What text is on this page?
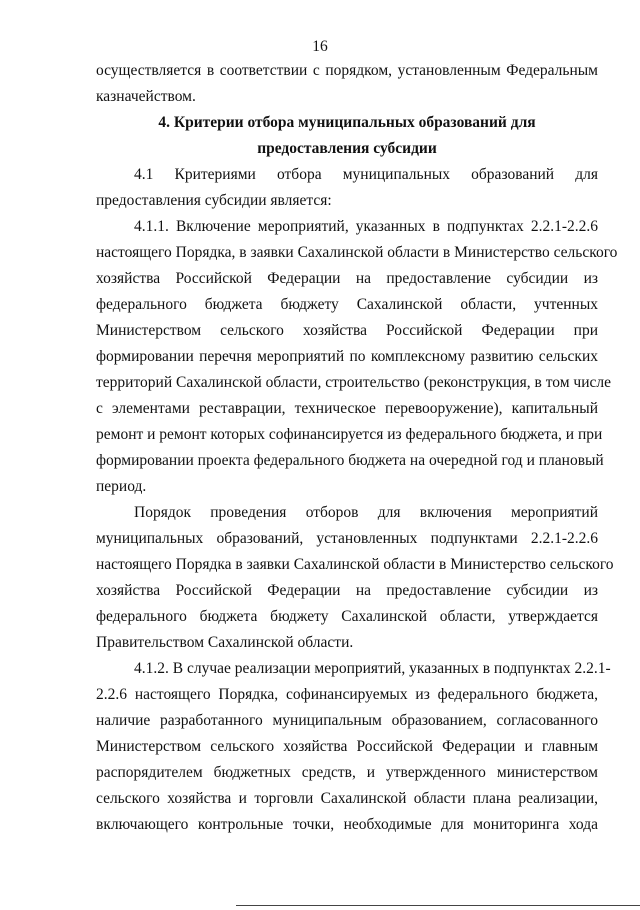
16
осуществляется в соответствии с порядком, установленным Федеральным
казначейством.
4. Критерии отбора муниципальных образований для
предоставления субсидии
4.1 Критериями отбора муниципальных образований для
предоставления субсидии является:
4.1.1. Включение мероприятий, указанных в подпунктах 2.2.1-2.2.6
настоящего Порядка, в заявки Сахалинской области в Министерство сельского
хозяйства Российской Федерации на предоставление субсидии из
федерального бюджета бюджету Сахалинской области, учтенных
Министерством сельского хозяйства Российской Федерации при
формировании перечня мероприятий по комплексному развитию сельских
территорий Сахалинской области, строительство (реконструкция, в том числе
с элементами реставрации, техническое перевооружение), капитальный
ремонт и ремонт которых софинансируется из федерального бюджета, и при
формировании проекта федерального бюджета на очередной год и плановый
период.
Порядок проведения отборов для включения мероприятий
муниципальных образований, установленных подпунктами 2.2.1-2.2.6
настоящего Порядка в заявки Сахалинской области в Министерство сельского
хозяйства Российской Федерации на предоставление субсидии из
федерального бюджета бюджету Сахалинской области, утверждается
Правительством Сахалинской области.
4.1.2. В случае реализации мероприятий, указанных в подпунктах 2.2.1-
2.2.6 настоящего Порядка, софинансируемых из федерального бюджета,
наличие разработанного муниципальным образованием, согласованного
Министерством сельского хозяйства Российской Федерации и главным
распорядителем бюджетных средств, и утвержденного министерством
сельского хозяйства и торговли Сахалинской области плана реализации,
включающего контрольные точки, необходимые для мониторинга хода
